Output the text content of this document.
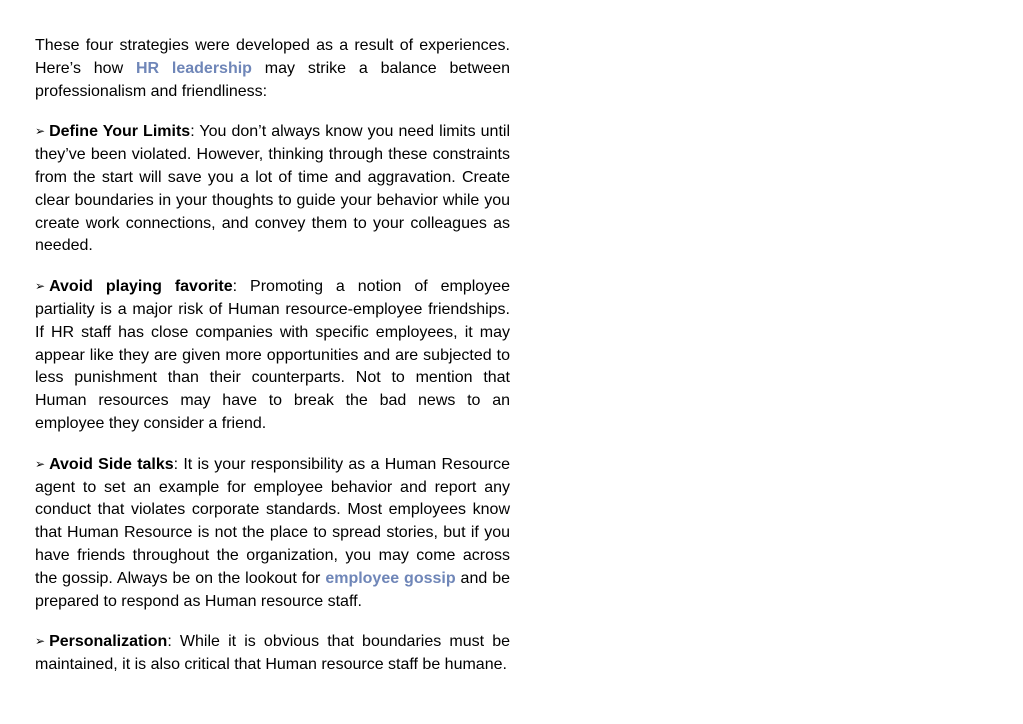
These four strategies were developed as a result of experiences. Here’s how HR leadership may strike a balance between professionalism and friendliness:

➢ Define Your Limits: You don’t always know you need limits until they’ve been violated. However, thinking through these constraints from the start will save you a lot of time and aggravation. Create clear boundaries in your thoughts to guide your behavior while you create work connections, and convey them to your colleagues as needed.

➢ Avoid playing favorite: Promoting a notion of employee partiality is a major risk of Human resource-employee friendships. If HR staff has close companies with specific employees, it may appear like they are given more opportunities and are subjected to less punishment than their counterparts. Not to mention that Human resources may have to break the bad news to an employee they consider a friend.

➢ Avoid Side talks: It is your responsibility as a Human Resource agent to set an example for employee behavior and report any conduct that violates corporate standards. Most employees know that Human Resource is not the place to spread stories, but if you have friends throughout the organization, you may come across the gossip. Always be on the lookout for employee gossip and be prepared to respond as Human resource staff.

➢ Personalization: While it is obvious that boundaries must be maintained, it is also critical that Human resource staff be humane.
